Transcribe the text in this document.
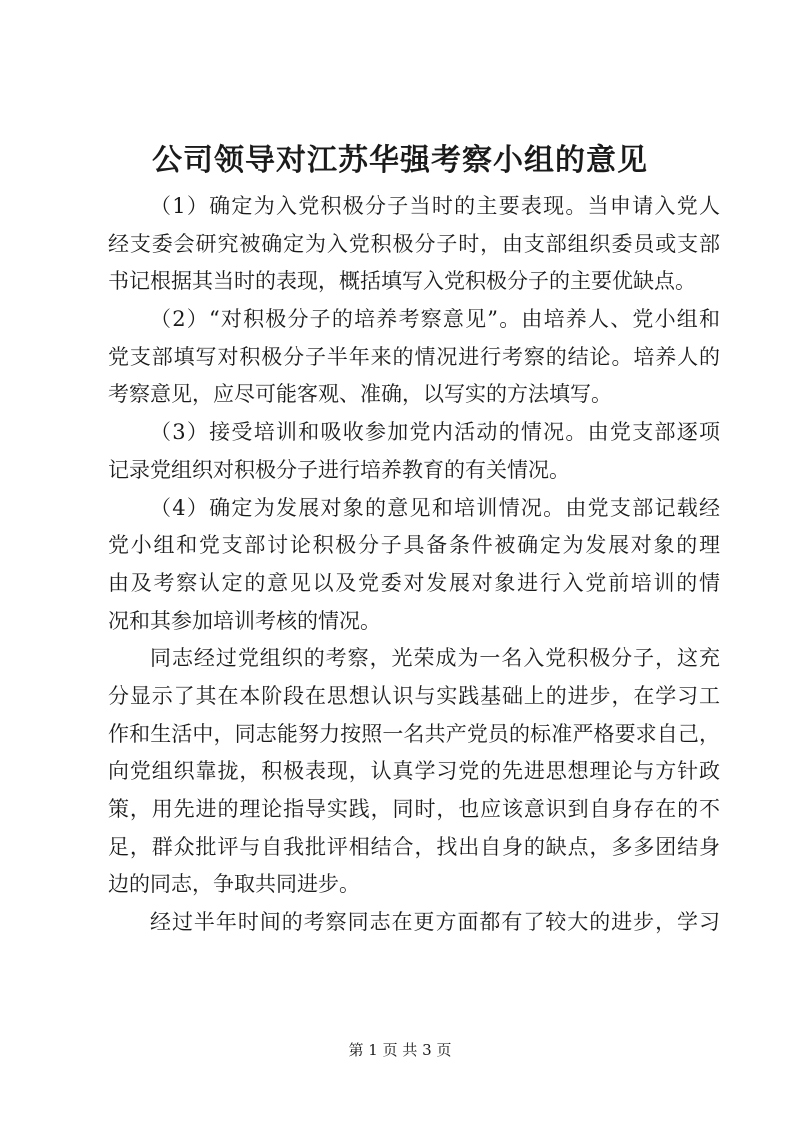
公司领导对江苏华强考察小组的意见
（1）确定为入党积极分子当时的主要表现。当申请入党人
经支委会研究被确定为入党积极分子时，由支部组织委员或支部
书记根据其当时的表现，概括填写入党积极分子的主要优缺点。
（2）“对积极分子的培养考察意见”。由培养人、党小组和
党支部填写对积极分子半年来的情况进行考察的结论。培养人的
考察意见，应尽可能客观、准确，以写实的方法填写。
（3）接受培训和吸收参加党内活动的情况。由党支部逐项
记录党组织对积极分子进行培养教育的有关情况。
（4）确定为发展对象的意见和培训情况。由党支部记载经
党小组和党支部讨论积极分子具备条件被确定为发展对象的理
由及考察认定的意见以及党委对发展对象进行入党前培训的情
况和其参加培训考核的情况。
同志经过党组织的考察，光荣成为一名入党积极分子，这充
分显示了其在本阶段在思想认识与实践基础上的进步，在学习工
作和生活中，同志能努力按照一名共产党员的标准严格要求自己，
向党组织靠拢，积极表现，认真学习党的先进思想理论与方针政
策，用先进的理论指导实践，同时，也应该意识到自身存在的不
足，群众批评与自我批评相结合，找出自身的缺点，多多团结身
边的同志，争取共同进步。
经过半年时间的考察同志在更方面都有了较大的进步，学习
第 1 页 共 3 页
